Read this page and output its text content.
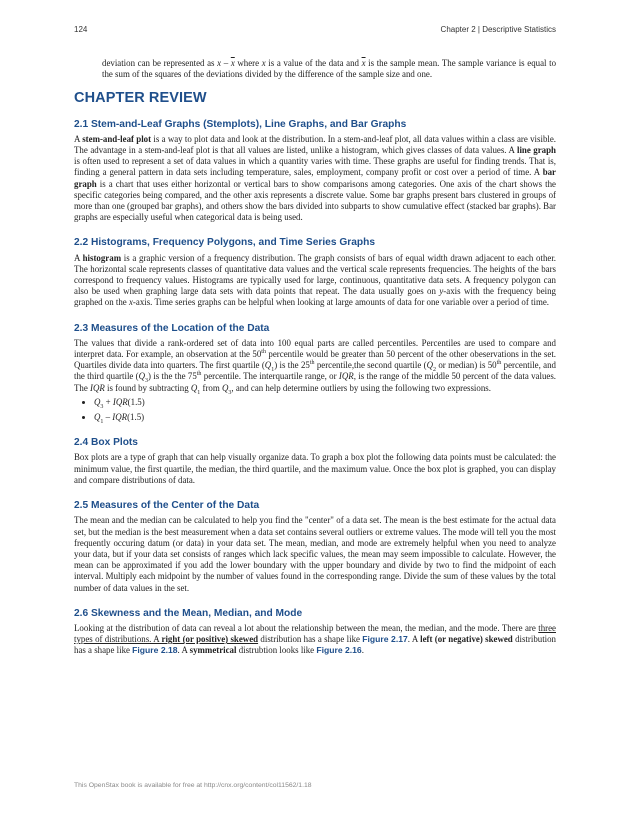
124	Chapter 2 | Descriptive Statistics

deviation can be represented as x – $\overline{x}$ where x is a value of the data and $\overline{x}$ is the sample mean. The sample variance is equal to the sum of the squares of the deviations divided by the difference of the sample size and one.

CHAPTER REVIEW
2.1 Stem-and-Leaf Graphs (Stemplots), Line Graphs, and Bar Graphs

A stem-and-leaf plot is a way to plot data and look at the distribution. In a stem-and-leaf plot, all data values within a class are visible. The advantage in a stem-and-leaf plot is that all values are listed, unlike a histogram, which gives classes of data values. A line graph is often used to represent a set of data values in which a quantity varies with time. These graphs are useful for finding trends. That is, finding a general pattern in data sets including temperature, sales, employment, company profit or cost over a period of time. A bar graph is a chart that uses either horizontal or vertical bars to show comparisons among categories. One axis of the chart shows the specific categories being compared, and the other axis represents a discrete value. Some bar graphs present bars clustered in groups of more than one (grouped bar graphs), and others show the bars divided into subparts to show cumulative effect (stacked bar graphs). Bar graphs are especially useful when categorical data is being used.

2.2 Histograms, Frequency Polygons, and Time Series Graphs

A histogram is a graphic version of a frequency distribution. The graph consists of bars of equal width drawn adjacent to each other. The horizontal scale represents classes of quantitative data values and the vertical scale represents frequencies. The heights of the bars correspond to frequency values. Histograms are typically used for large, continuous, quantitative data sets. A frequency polygon can also be used when graphing large data sets with data points that repeat. The data usually goes on y-axis with the frequency being graphed on the x-axis. Time series graphs can be helpful when looking at large amounts of data for one variable over a period of time.

2.3 Measures of the Location of the Data

The values that divide a rank-ordered set of data into 100 equal parts are called percentiles. Percentiles are used to compare and interpret data. For example, an observation at the 50th percentile would be greater than 50 percent of the other obeservations in the set. Quartiles divide data into quarters. The first quartile $(Q_1)$ is the 25th percentile,the second quartile ($Q_2$ or median) is 50th percentile, and the third quartile $(Q_3)$ is the the 75th percentile. The interquartile range, or IQR, is the range of the middle 50 percent of the data values. The IQR is found by subtracting $Q_1$ from $Q_3$, and can help determine outliers by using the following two expressions.

• $Q_3 + IQR(1.5)$
• $Q_1 - IQR(1.5)$
2.4 Box Plots

Box plots are a type of graph that can help visually organize data. To graph a box plot the following data points must be calculated: the minimum value, the first quartile, the median, the third quartile, and the maximum value. Once the box plot is graphed, you can display and compare distributions of data.

2.5 Measures of the Center of the Data

The mean and the median can be calculated to help you find the "center" of a data set. The mean is the best estimate for the actual data set, but the median is the best measurement when a data set contains several outliers or extreme values. The mode will tell you the most frequently occuring datum (or data) in your data set. The mean, median, and mode are extremely helpful when you need to analyze your data, but if your data set consists of ranges which lack specific values, the mean may seem impossible to calculate. However, the mean can be approximated if you add the lower boundary with the upper boundary and divide by two to find the midpoint of each interval. Multiply each midpoint by the number of values found in the corresponding range. Divide the sum of these values by the total number of data values in the set.

2.6 Skewness and the Mean, Median, and Mode

Looking at the distribution of data can reveal a lot about the relationship between the mean, the median, and the mode. There are three types of distributions. A right (or positive) skewed distribution has a shape like Figure 2.17. A left (or negative) skewed distribution has a shape like Figure 2.18. A symmetrical distrubtion looks like Figure 2.16.

This OpenStax book is available for free at http://cnx.org/content/col11562/1.18
